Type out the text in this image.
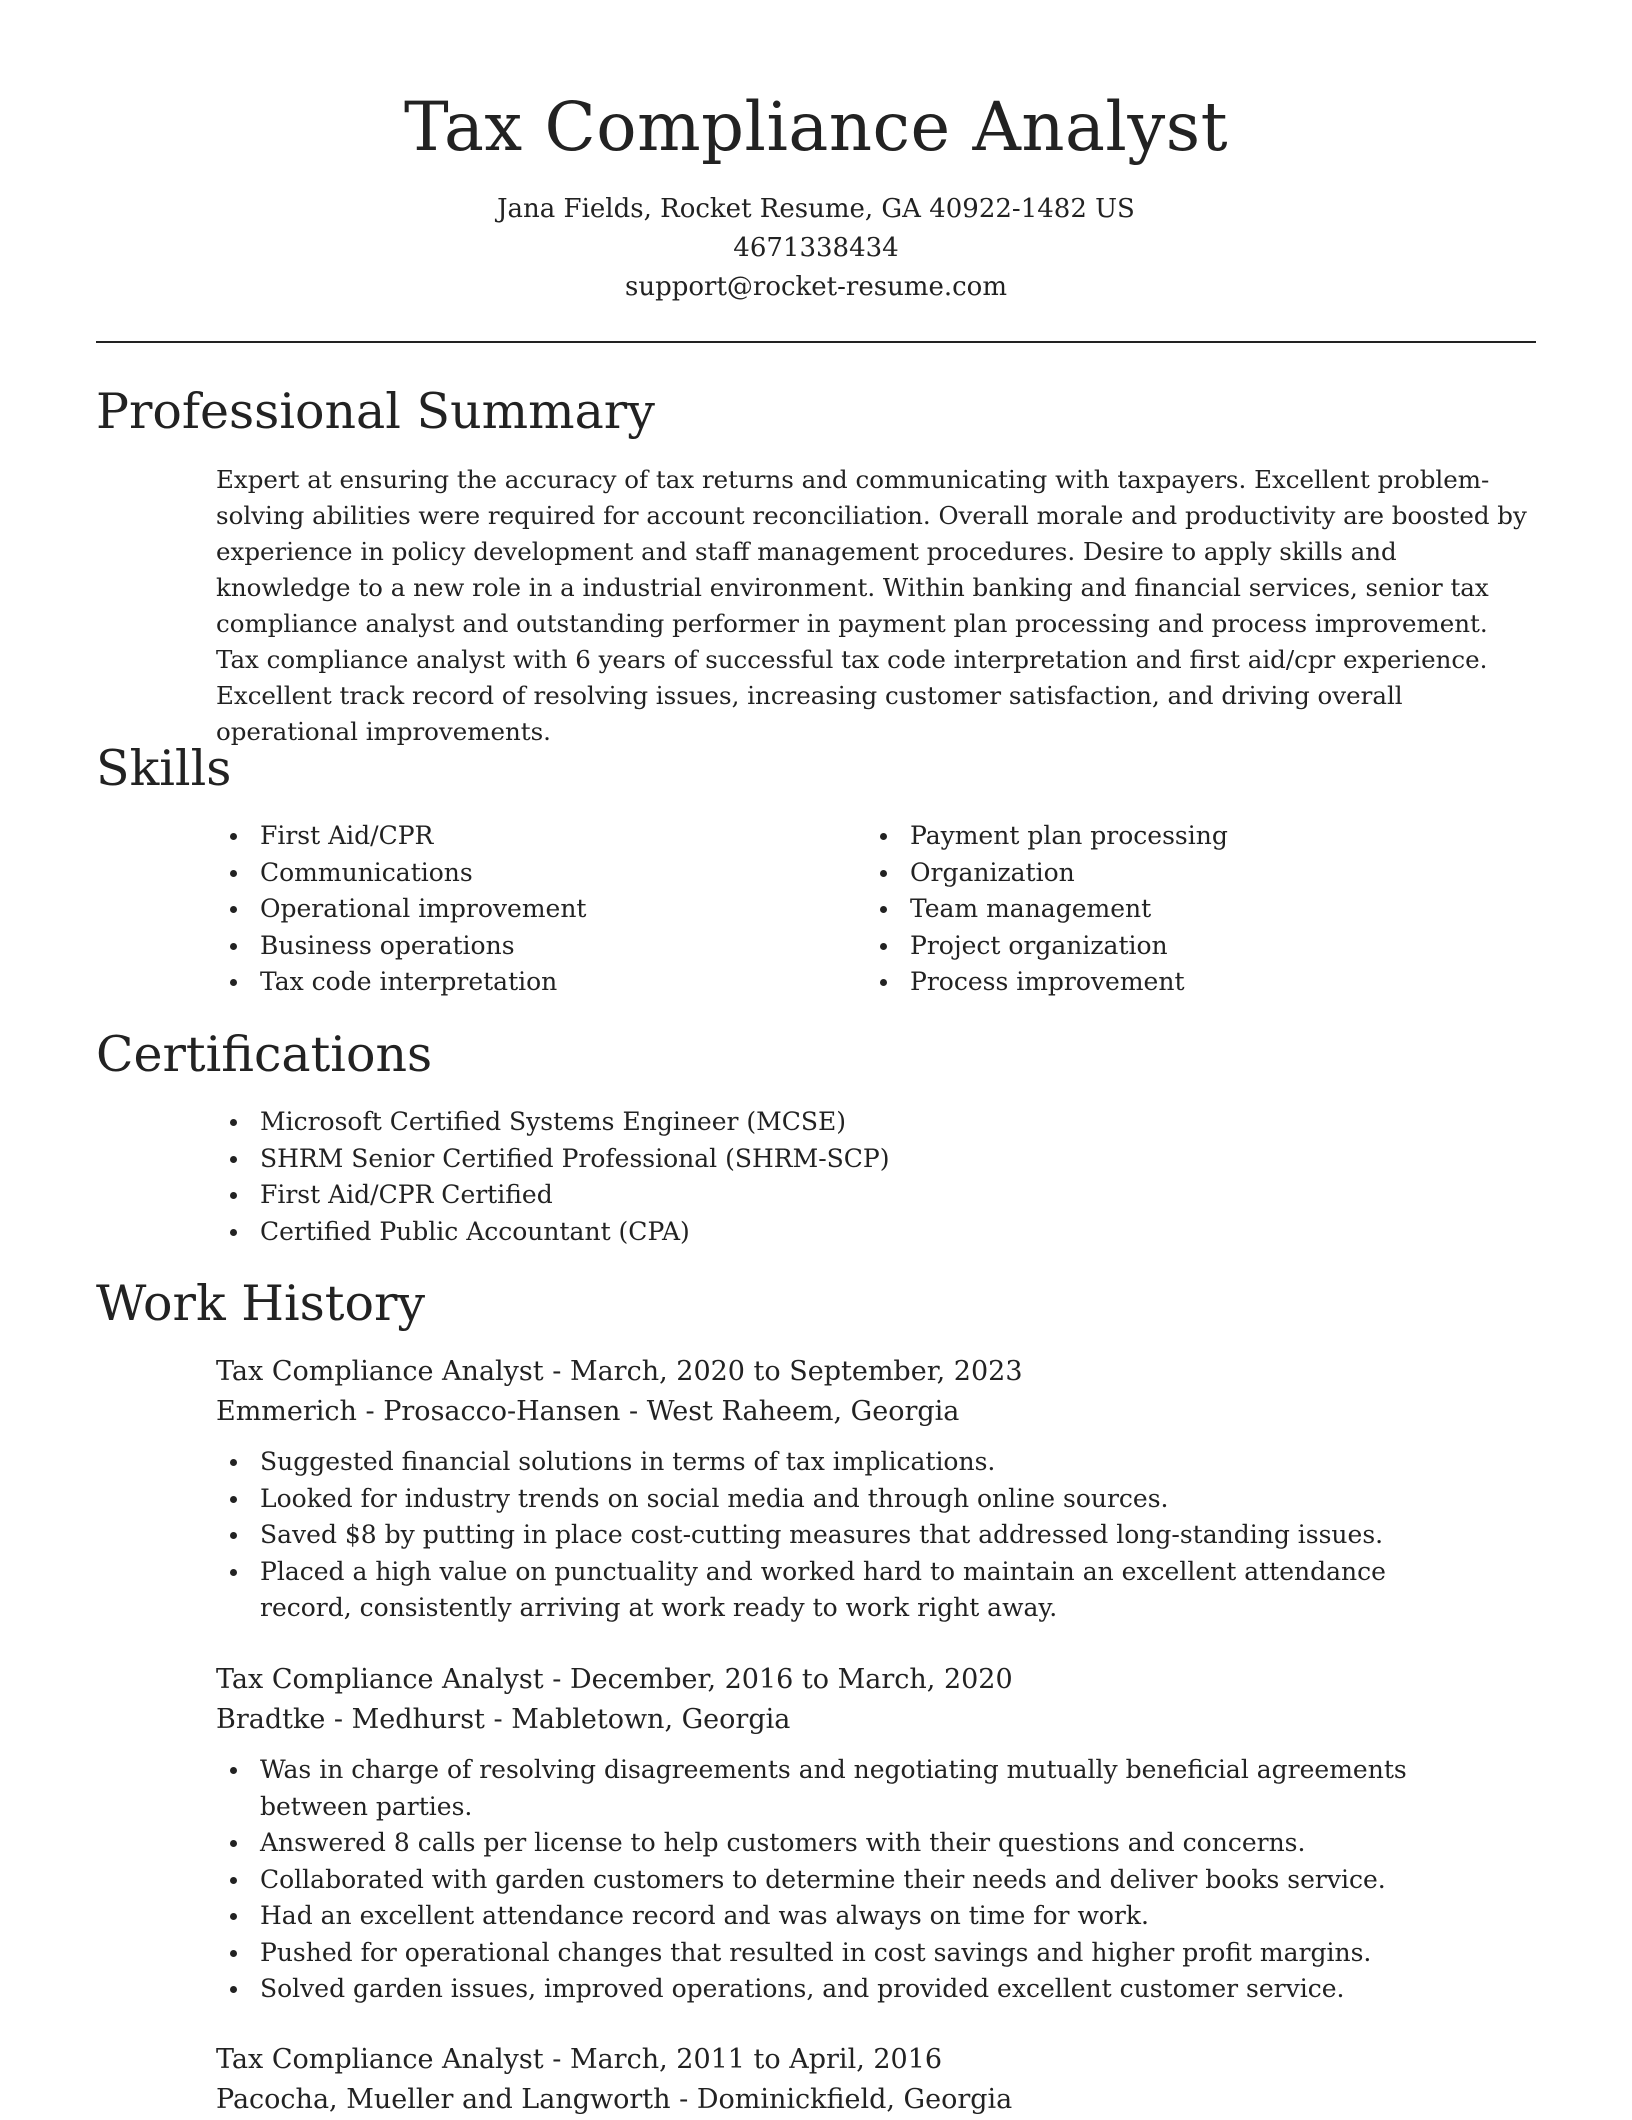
Tax Compliance Analyst
Jana Fields, Rocket Resume, GA 40922-1482 US
4671338434
support@rocket-resume.com
Professional Summary

Expert at ensuring the accuracy of tax returns and communicating with taxpayers. Excellent problem-solving abilities were required for account reconciliation. Overall morale and productivity are boosted by experience in policy development and staff management procedures. Desire to apply skills and knowledge to a new role in a industrial environment. Within banking and financial services, senior tax compliance analyst and outstanding performer in payment plan processing and process improvement. Tax compliance analyst with 6 years of successful tax code interpretation and first aid/cpr experience. Excellent track record of resolving issues, increasing customer satisfaction, and driving overall operational improvements.

Skills
First Aid/CPR
Communications
Operational improvement
Business operations
Tax code interpretation
Payment plan processing
Organization
Team management
Project organization
Process improvement
Certifications
Microsoft Certified Systems Engineer (MCSE)
SHRM Senior Certified Professional (SHRM-SCP)
First Aid/CPR Certified
Certified Public Accountant (CPA)
Work History

Tax Compliance Analyst - March, 2020 to September, 2023

Emmerich - Prosacco-Hansen - West Raheem, Georgia

Suggested financial solutions in terms of tax implications.
Looked for industry trends on social media and through online sources.
Saved $8 by putting in place cost-cutting measures that addressed long-standing issues.
Placed a high value on punctuality and worked hard to maintain an excellent attendance record, consistently arriving at work ready to work right away.

Tax Compliance Analyst - December, 2016 to March, 2020

Bradtke - Medhurst - Mabletown, Georgia

Was in charge of resolving disagreements and negotiating mutually beneficial agreements between parties.
Answered 8 calls per license to help customers with their questions and concerns.
Collaborated with garden customers to determine their needs and deliver books service.
Had an excellent attendance record and was always on time for work.
Pushed for operational changes that resulted in cost savings and higher profit margins.
Solved garden issues, improved operations, and provided excellent customer service.

Tax Compliance Analyst - March, 2011 to April, 2016

Pacocha, Mueller and Langworth - Dominickfield, Georgia
